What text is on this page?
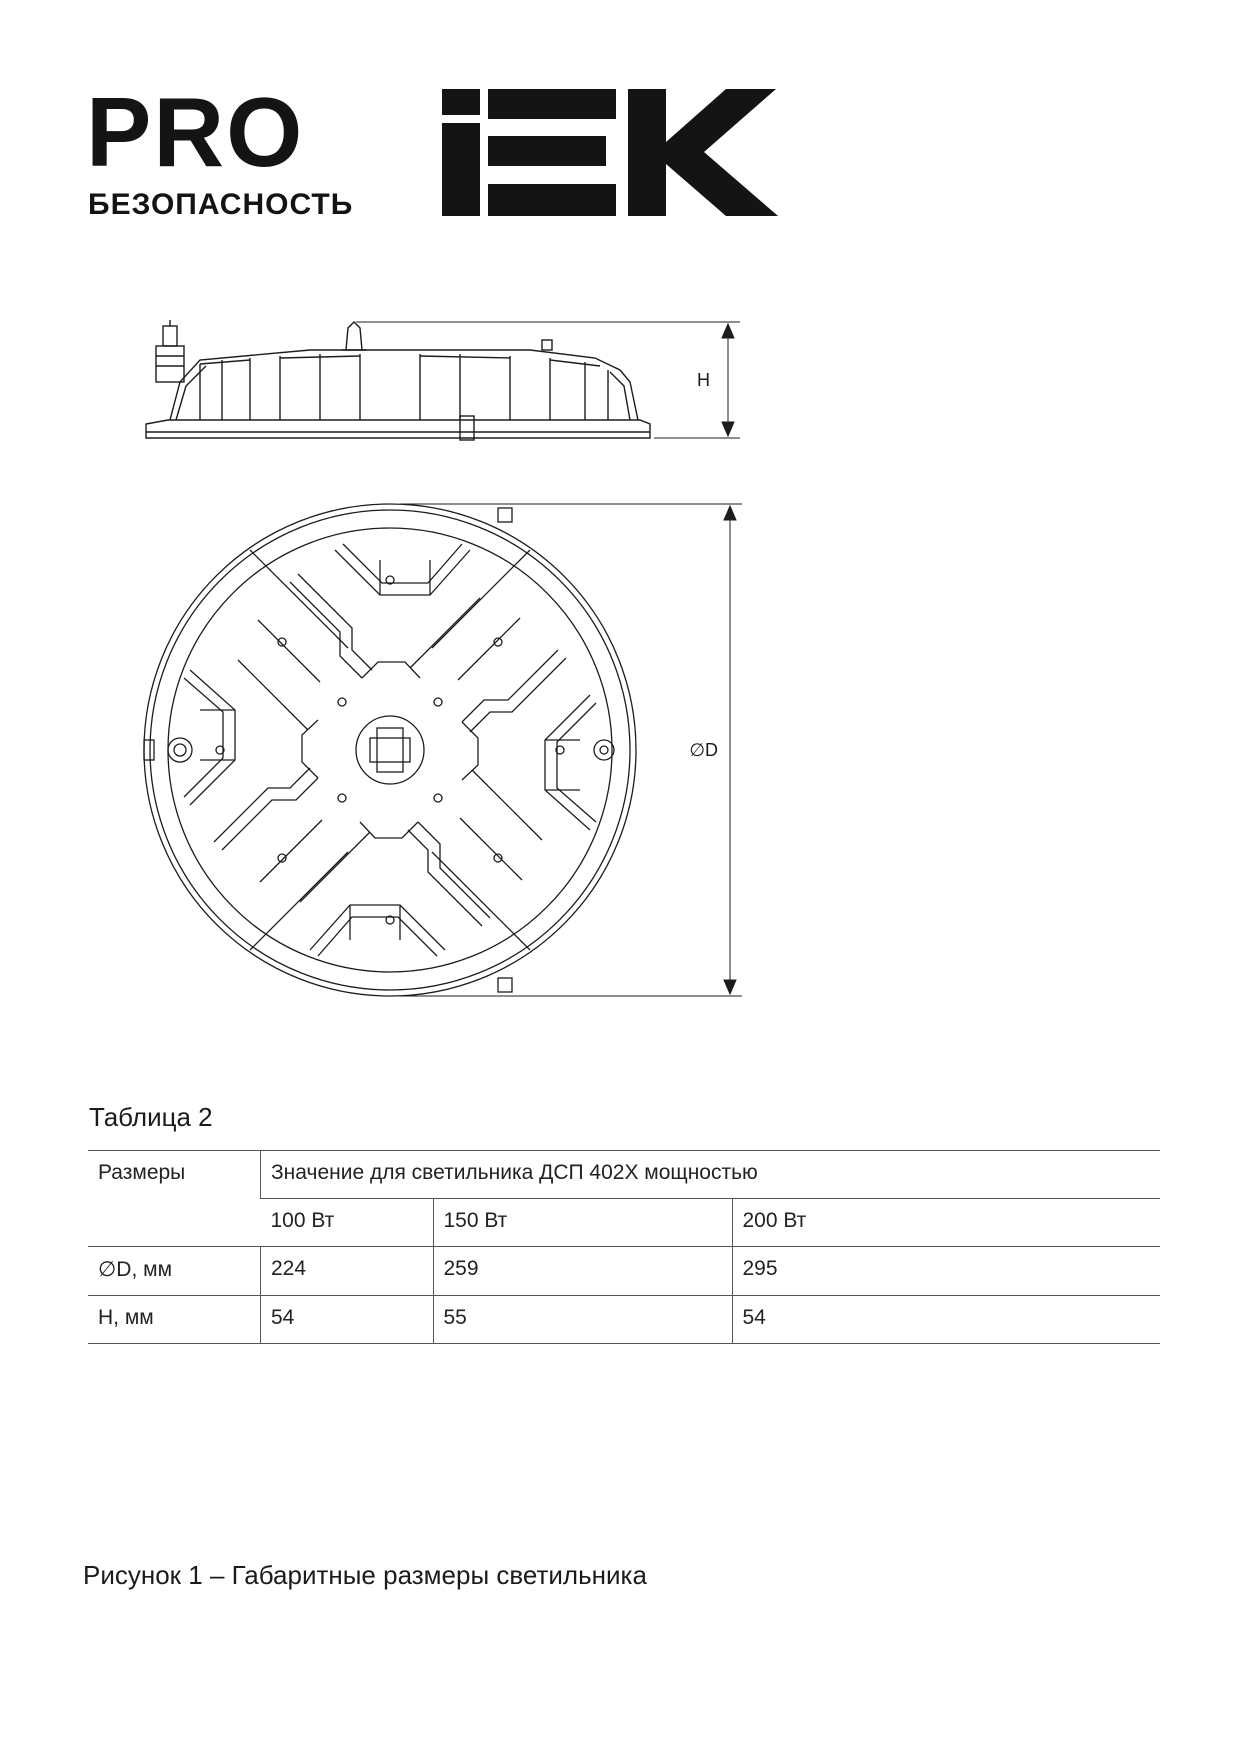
PRO
БЕЗОПАСНОСТЬ
H
∅D
Таблица 2
Размеры	Значение для светильника ДСП 402Х мощностью		
	100 Вт	150 Вт	200 Вт
∅D, мм	224	259	295
H, мм	54	55	54
Рисунок 1 – Габаритные размеры светильника
